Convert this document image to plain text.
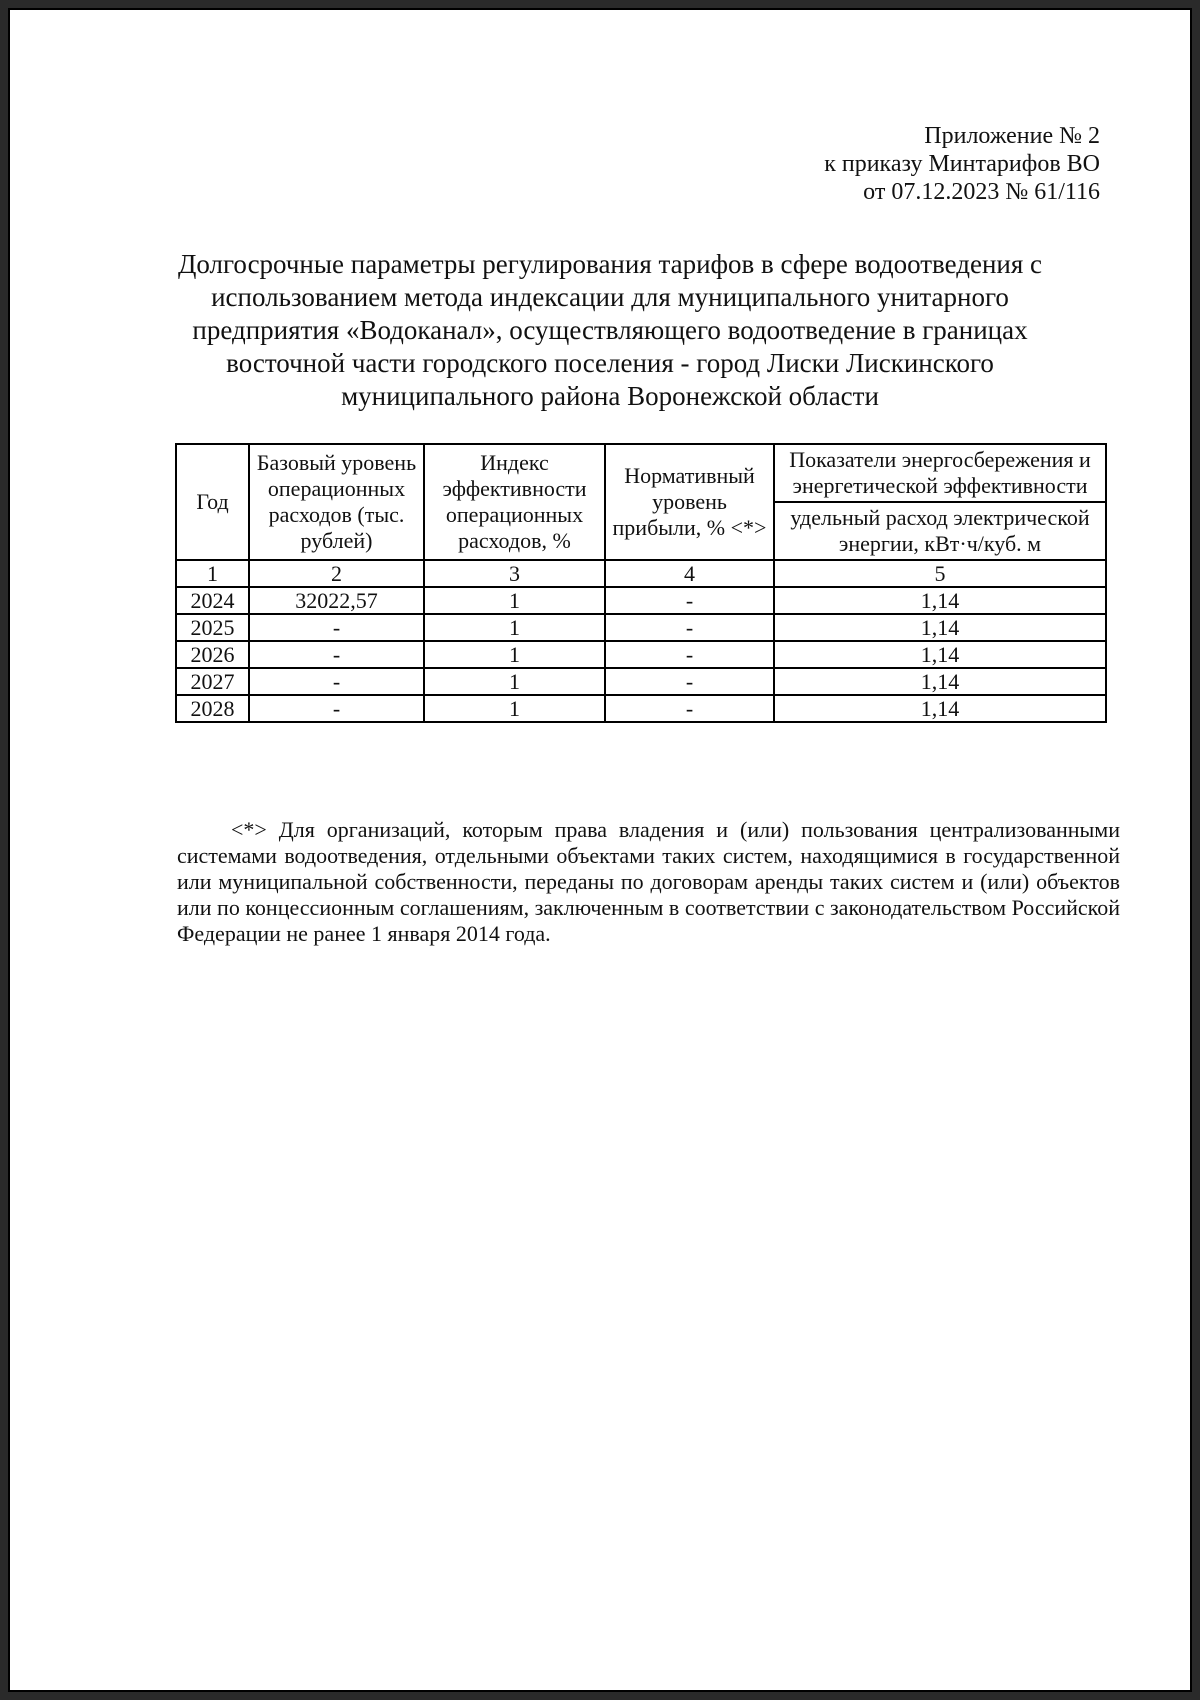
Приложение № 2
к приказу Минтарифов ВО
от 07.12.2023 № 61/116
Долгосрочные параметры регулирования тарифов в сфере водоотведения с использованием метода индексации для муниципального унитарного предприятия «Водоканал», осуществляющего водоотведение в границах восточной части городского поселения - город Лиски Лискинского муниципального района Воронежской области
Год	Базовый уровень операционных расходов (тыс. рублей)	Индекс эффективности операционных расходов, %	Нормативный уровень прибыли, % <*>	Показатели энергосбережения и энергетической эффективности
				удельный расход электрической энергии, кВт·ч/куб. м
1	2	3	4	5
2024	32022,57	1	-	1,14
2025	-	1	-	1,14
2026	-	1	-	1,14
2027	-	1	-	1,14
2028	-	1	-	1,14
<*> Для организаций, которым права владения и (или) пользования централизованными системами водоотведения, отдельными объектами таких систем, находящимися в государственной или муниципальной собственности, переданы по договорам аренды таких систем и (или) объектов или по концессионным соглашениям, заключенным в соответствии с законодательством Российской Федерации не ранее 1 января 2014 года.
